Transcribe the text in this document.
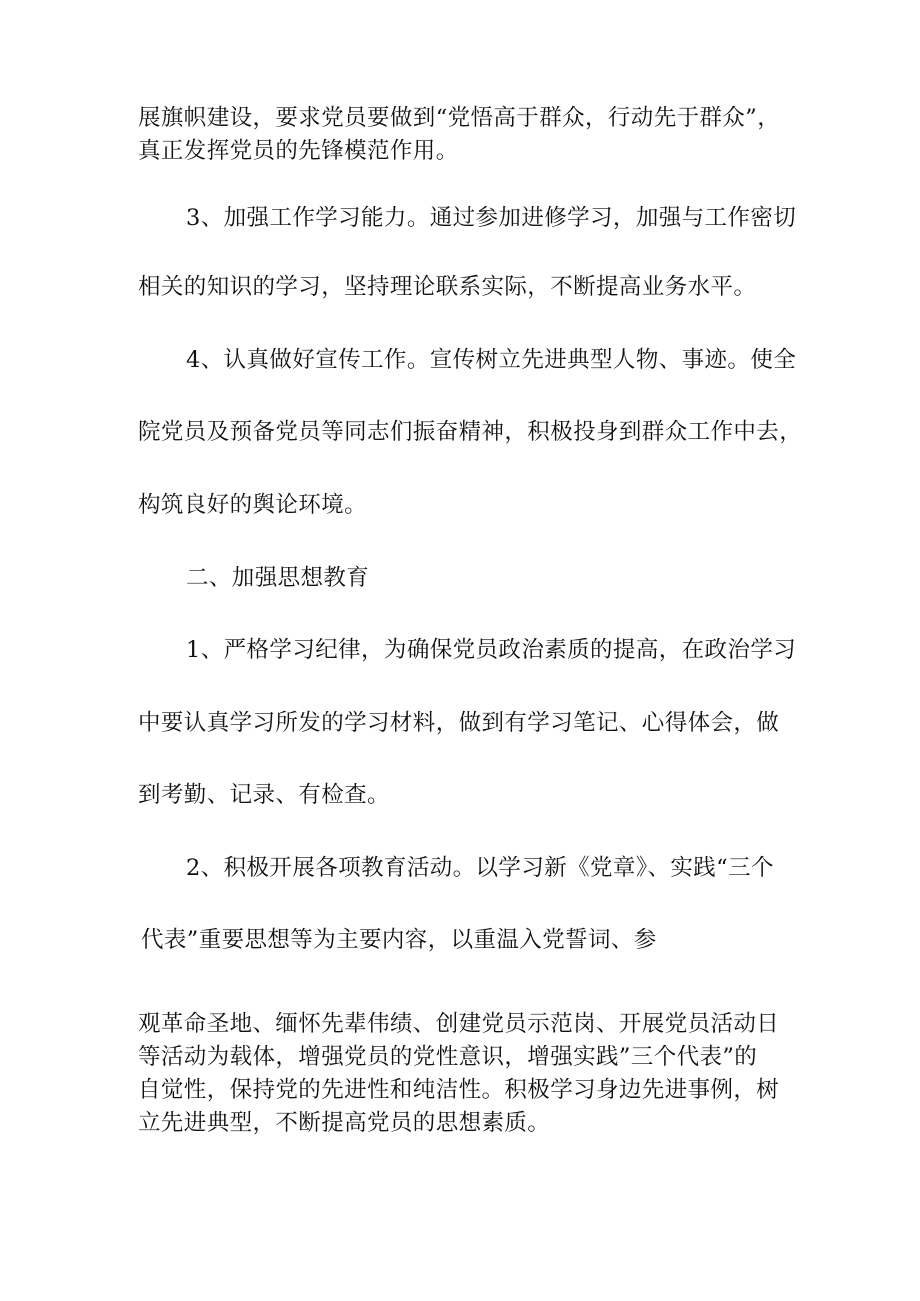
展旗帜建设，要求党员要做到“党悟高于群众，行动先于群众”，

真正发挥党员的先锋模范作用。

3、加强工作学习能力。通过参加进修学习，加强与工作密切

相关的知识的学习，坚持理论联系实际，不断提高业务水平。

4、认真做好宣传工作。宣传树立先进典型人物、事迹。使全

院党员及预备党员等同志们振奋精神，积极投身到群众工作中去，

构筑良好的舆论环境。

二、加强思想教育

1、严格学习纪律，为确保党员政治素质的提高，在政治学习

中要认真学习所发的学习材料，做到有学习笔记、心得体会，做

到考勤、记录、有检查。

2、积极开展各项教育活动。以学习新《党章》、实践“三个

代表”重要思想等为主要内容，以重温入党誓词、参

观革命圣地、缅怀先辈伟绩、创建党员示范岗、开展党员活动日

等活动为载体，增强党员的党性意识，增强实践”三个代表”的

自觉性，保持党的先进性和纯洁性。积极学习身边先进事例，树

立先进典型，不断提高党员的思想素质。
